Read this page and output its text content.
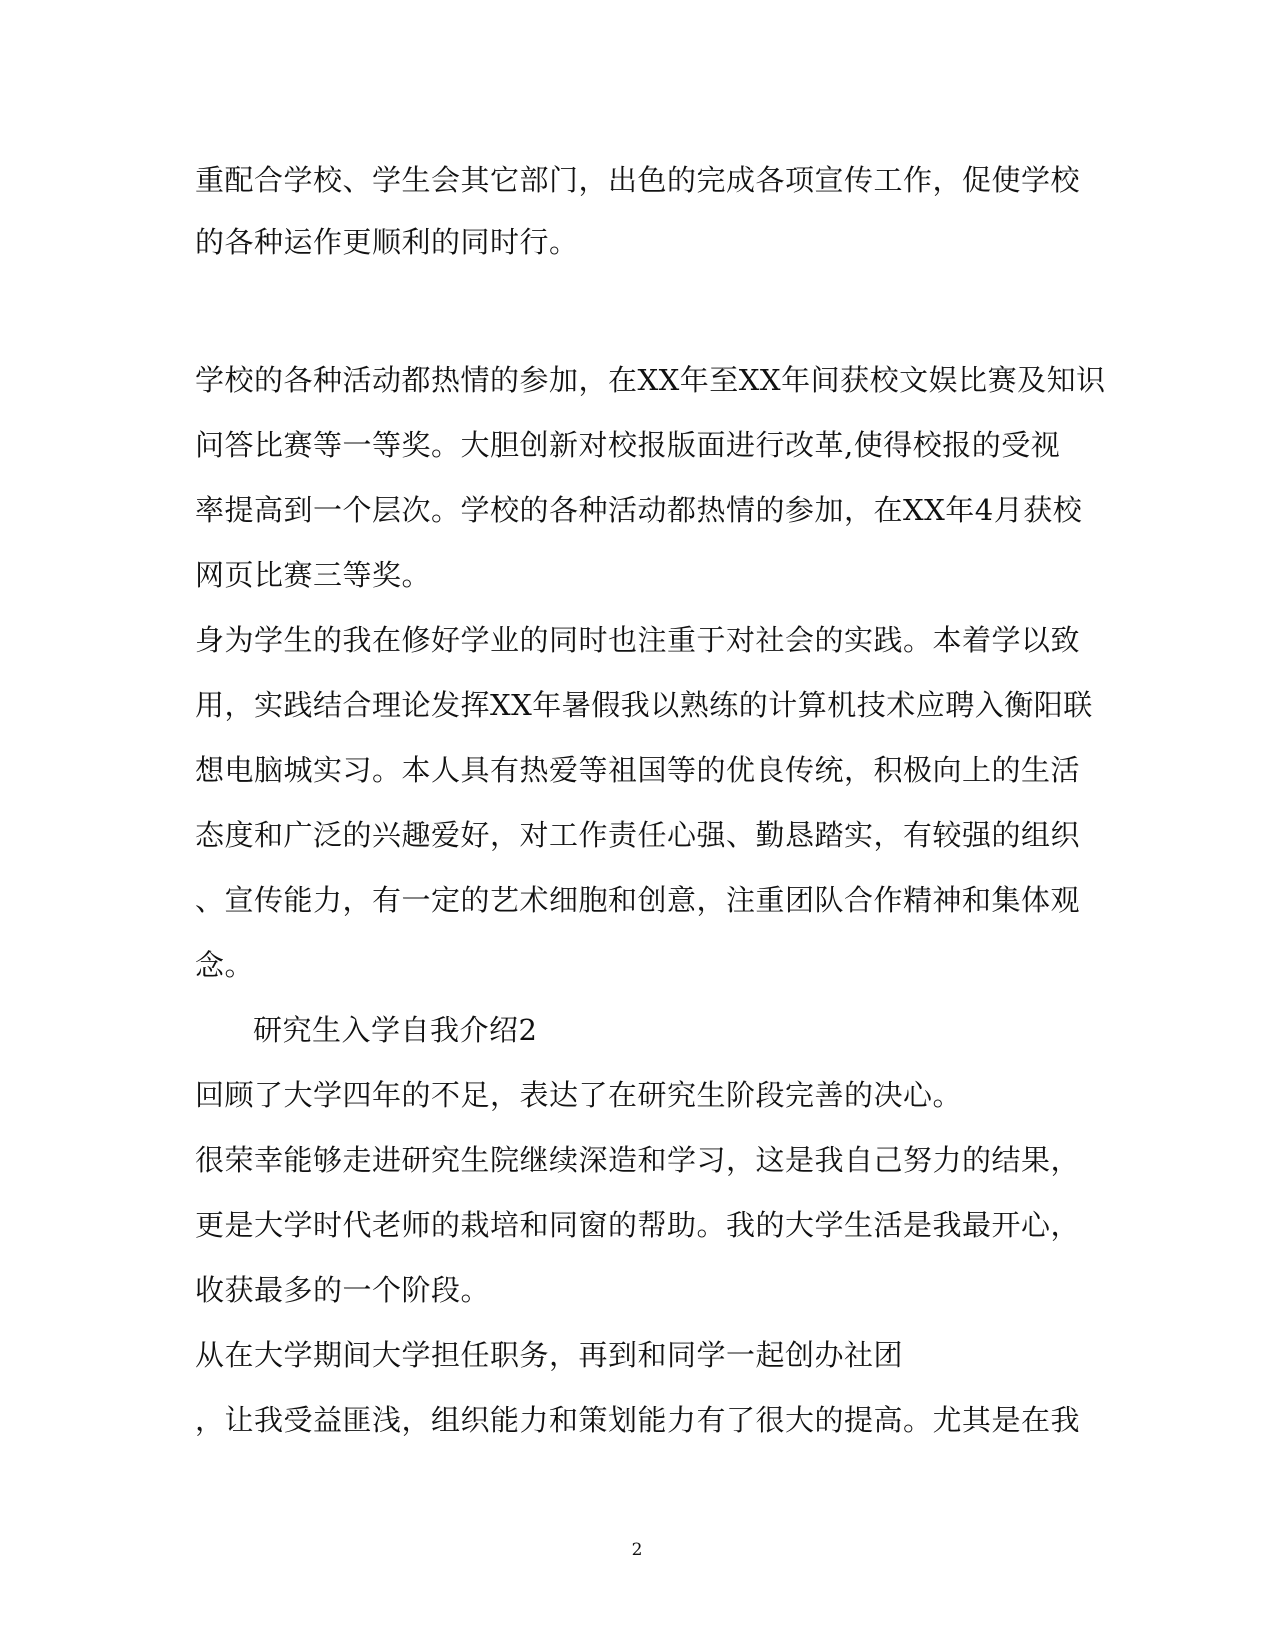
重配合学校、学生会其它部门，出色的完成各项宣传工作，促使学校
的各种运作更顺利的同时行。
学校的各种活动都热情的参加，在XX年至XX年间获校文娱比赛及知识
问答比赛等一等奖。大胆创新对校报版面进行改革,使得校报的受视
率提高到一个层次。学校的各种活动都热情的参加，在XX年4月获校
网页比赛三等奖。
身为学生的我在修好学业的同时也注重于对社会的实践。本着学以致
用，实践结合理论发挥XX年暑假我以熟练的计算机技术应聘入衡阳联
想电脑城实习。本人具有热爱等祖国等的优良传统，积极向上的生活
态度和广泛的兴趣爱好，对工作责任心强、勤恳踏实，有较强的组织
、宣传能力，有一定的艺术细胞和创意，注重团队合作精神和集体观
念。
研究生入学自我介绍2
回顾了大学四年的不足，表达了在研究生阶段完善的决心。
很荣幸能够走进研究生院继续深造和学习，这是我自己努力的结果，
更是大学时代老师的栽培和同窗的帮助。我的大学生活是我最开心，
收获最多的一个阶段。
从在大学期间大学担任职务，再到和同学一起创办社团
，让我受益匪浅，组织能力和策划能力有了很大的提高。尤其是在我
2
